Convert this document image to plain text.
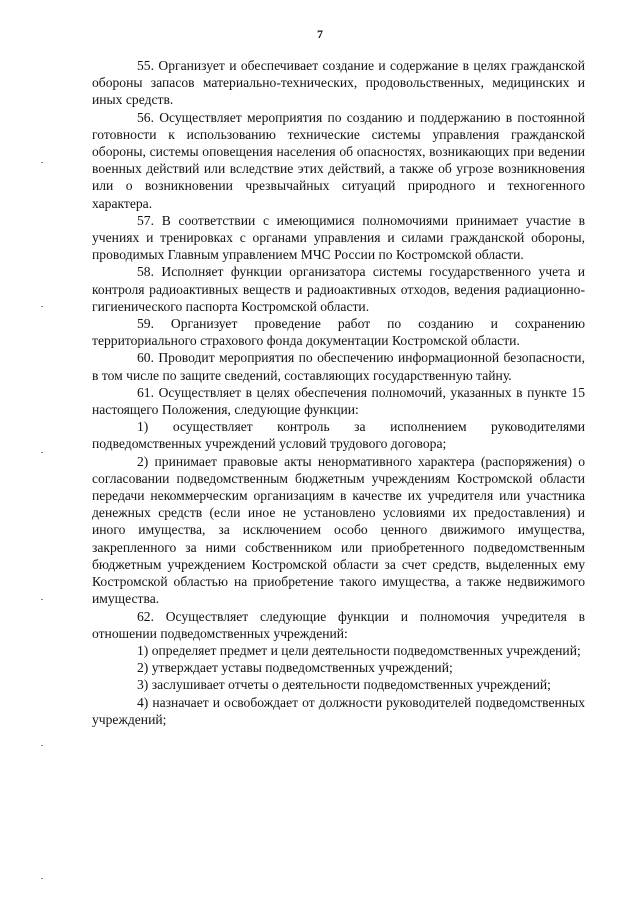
7

55. Организует и обеспечивает создание и содержание в целях гражданской обороны запасов материально-технических, продовольственных, медицинских и иных средств.

56. Осуществляет мероприятия по созданию и поддержанию в постоянной готовности к использованию технические системы управления гражданской обороны, системы оповещения населения об опасностях, возникающих при ведении военных действий или вследствие этих действий, а также об угрозе возникновения или о возникновении чрезвычайных ситуаций природного и техногенного характера.

57. В соответствии с имеющимися полномочиями принимает участие в учениях и тренировках с органами управления и силами гражданской обороны, проводимых Главным управлением МЧС России по Костромской области.

58. Исполняет функции организатора системы государственного учета и контроля радиоактивных веществ и радиоактивных отходов, ведения радиационно-гигиенического паспорта Костромской области.

59. Организует проведение работ по созданию и сохранению территориального страхового фонда документации Костромской области.

60. Проводит мероприятия по обеспечению информационной безопасности, в том числе по защите сведений, составляющих государственную тайну.

61. Осуществляет в целях обеспечения полномочий, указанных в пункте 15 настоящего Положения, следующие функции:

1) осуществляет контроль за исполнением руководителями подведомственных учреждений условий трудового договора;

2) принимает правовые акты ненормативного характера (распоряжения) о согласовании подведомственным бюджетным учреждениям Костромской области передачи некоммерческим организациям в качестве их учредителя или участника денежных средств (если иное не установлено условиями их предоставления) и иного имущества, за исключением особо ценного движимого имущества, закрепленного за ними собственником или приобретенного подведомственным бюджетным учреждением Костромской области за счет средств, выделенных ему Костромской областью на приобретение такого имущества, а также недвижимого имущества.

62. Осуществляет следующие функции и полномочия учредителя в отношении подведомственных учреждений:

1) определяет предмет и цели деятельности подведомственных учреждений;

2) утверждает уставы подведомственных учреждений;

3) заслушивает отчеты о деятельности подведомственных учреждений;

4) назначает и освобождает от должности руководителей подведомственных учреждений;
